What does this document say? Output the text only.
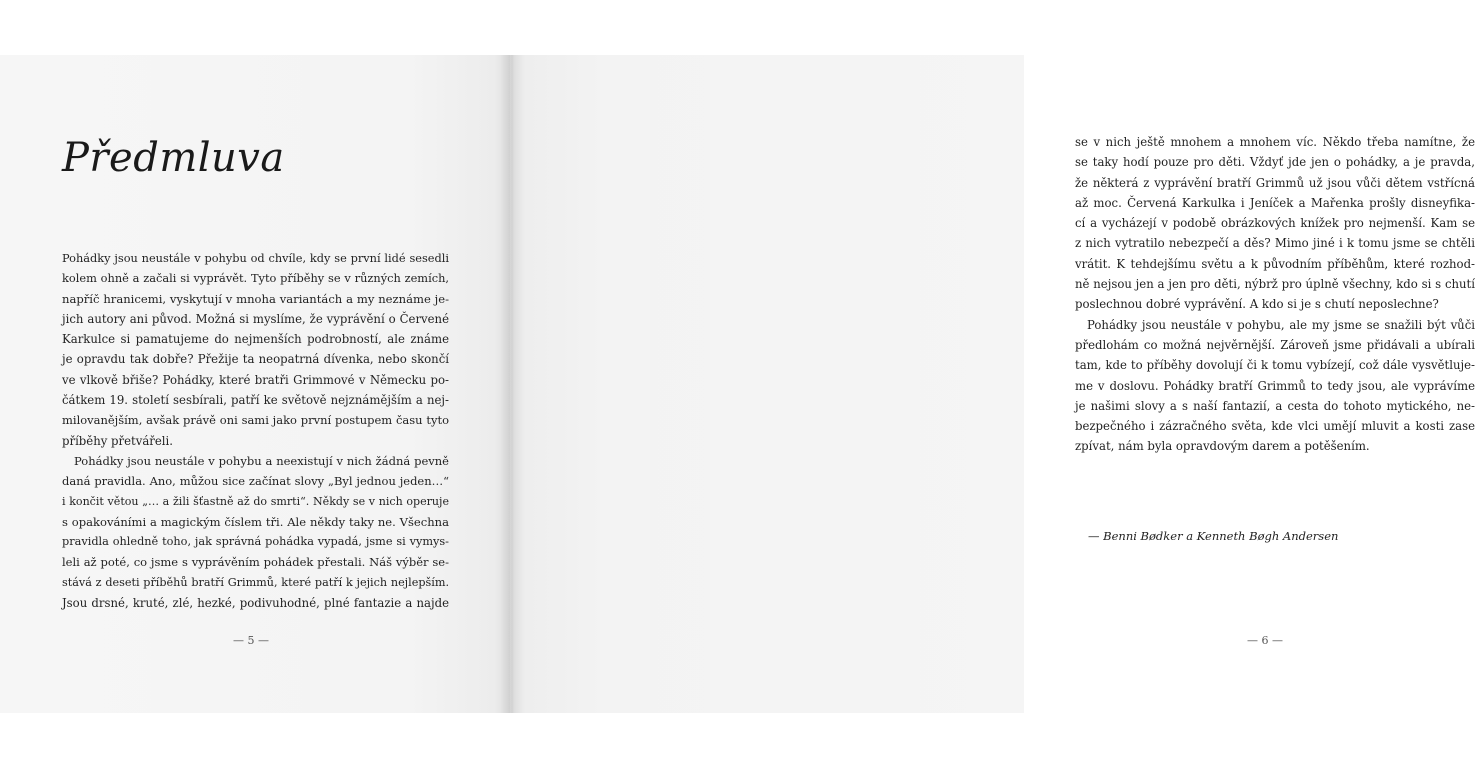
Předmluva
Pohádky jsou neustále v pohybu od chvíle, kdy se první lidé sesedli
kolem ohně a začali si vyprávět. Tyto příběhy se v různých zemích,
napříč hranicemi, vyskytují v mnoha variantách a my neznáme je-
jich autory ani původ. Možná si myslíme, že vyprávění o Červené
Karkulce si pamatujeme do nejmenších podrobností, ale známe
je opravdu tak dobře? Přežije ta neopatrná dívenka, nebo skončí
ve vlkově břiše? Pohádky, které bratři Grimmové v Německu po-
čátkem 19. století sesbírali, patří ke světově nejznámějším a nej-
milovanějším, avšak právě oni sami jako první postupem času tyto
příběhy přetvářeli.
Pohádky jsou neustále v pohybu a neexistují v nich žádná pevně
daná pravidla. Ano, můžou sice začínat slovy „Byl jednou jeden…“
i končit větou „… a žili šťastně až do smrti“. Někdy se v nich operuje
s opakováními a magickým číslem tři. Ale někdy taky ne. Všechna
pravidla ohledně toho, jak správná pohádka vypadá, jsme si vymys-
leli až poté, co jsme s vyprávěním pohádek přestali. Náš výběr se-
stává z deseti příběhů bratří Grimmů, které patří k jejich nejlepším.
Jsou drsné, kruté, zlé, hezké, podivuhodné, plné fantazie a najde
— 5 —
se v nich ještě mnohem a mnohem víc. Někdo třeba namítne, že
se taky hodí pouze pro děti. Vždyť jde jen o pohádky, a je pravda,
že některá z vyprávění bratří Grimmů už jsou vůči dětem vstřícná
až moc. Červená Karkulka i Jeníček a Mařenka prošly disneyfika-
cí a vycházejí v podobě obrázkových knížek pro nejmenší. Kam se
z nich vytratilo nebezpečí a děs? Mimo jiné i k tomu jsme se chtěli
vrátit. K tehdejšímu světu a k původním příběhům, které rozhod-
ně nejsou jen a jen pro děti, nýbrž pro úplně všechny, kdo si s chutí
poslechnou dobré vyprávění. A kdo si je s chutí neposlechne?
Pohádky jsou neustále v pohybu, ale my jsme se snažili být vůči
předlohám co možná nejvěrnější. Zároveň jsme přidávali a ubírali
tam, kde to příběhy dovolují či k tomu vybízejí, což dále vysvětluje-
me v doslovu. Pohádky bratří Grimmů to tedy jsou, ale vyprávíme
je našimi slovy a s naší fantazií, a cesta do tohoto mytického, ne-
bezpečného i zázračného světa, kde vlci umějí mluvit a kosti zase
zpívat, nám byla opravdovým darem a potěšením.
— Benni Bødker a Kenneth Bøgh Andersen
— 6 —
